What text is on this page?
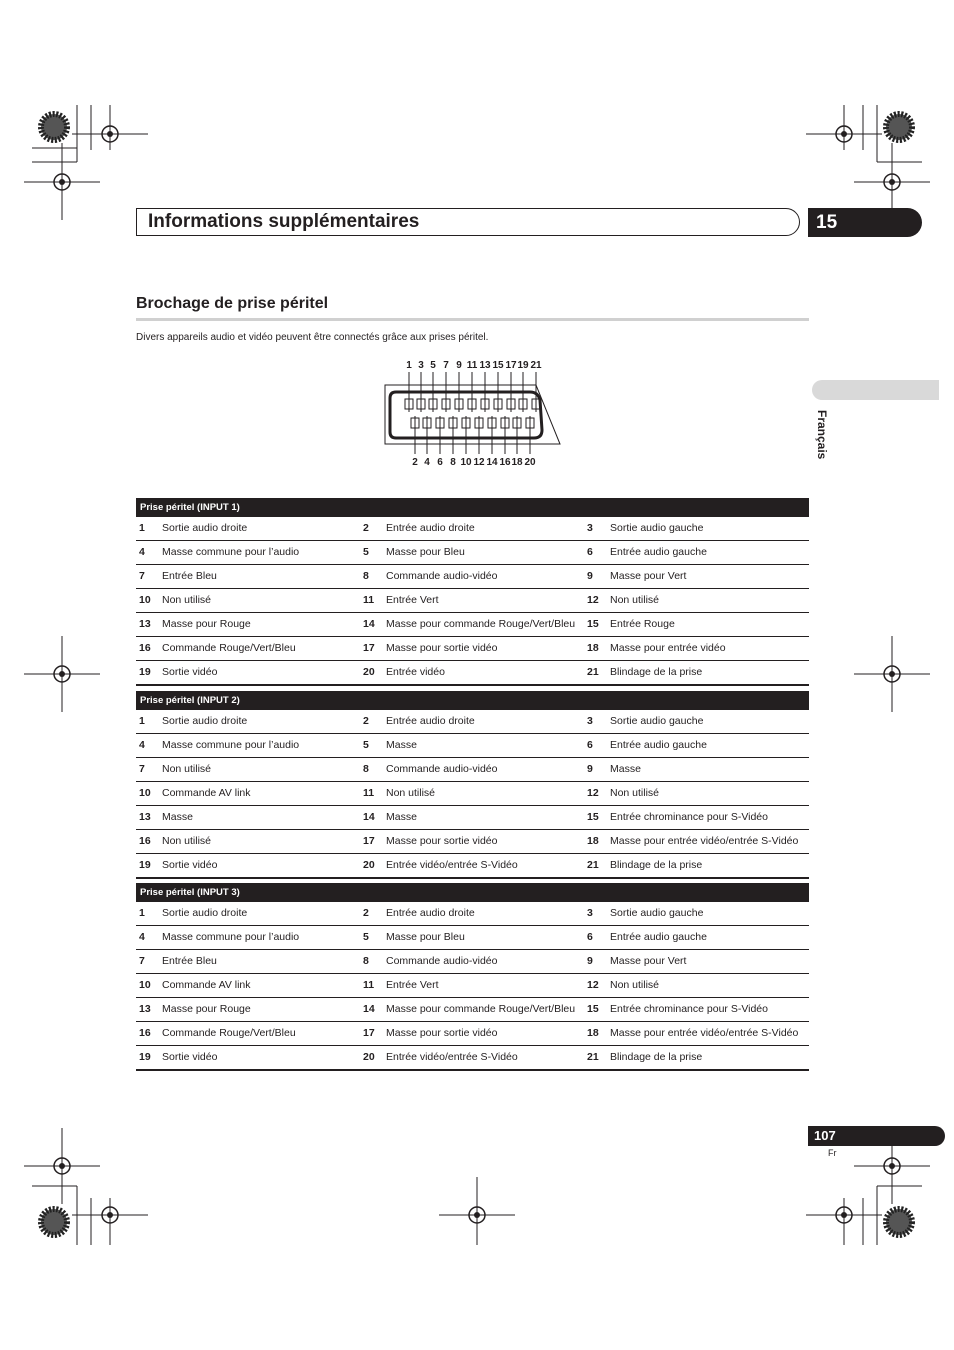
Informations supplémentaires	15
Français
Brochage de prise péritel
Divers appareils audio et vidéo peuvent être connectés grâce aux prises péritel.
1 3 5 7 9 11 13 15 17 19 21
2 4 6 8 10 12 14 16 18 20
Prise péritel (INPUT 1)
1 Sortie audio droite	2 Entrée audio droite	3 Sortie audio gauche
4 Masse commune pour l’audio	5 Masse pour Bleu	6 Entrée audio gauche
7 Entrée Bleu	8 Commande audio-vidéo	9 Masse pour Vert
10 Non utilisé	11 Entrée Vert	12 Non utilisé
13 Masse pour Rouge	14 Masse pour commande Rouge/Vert/Bleu 15 Entrée Rouge
16 Commande Rouge/Vert/Bleu	17 Masse pour sortie vidéo	18 Masse pour entrée vidéo
19 Sortie vidéo	20 Entrée vidéo	21 Blindage de la prise
Prise péritel (INPUT 2)
1 Sortie audio droite	2 Entrée audio droite	3 Sortie audio gauche
4 Masse commune pour l’audio	5 Masse	6 Entrée audio gauche
7 Non utilisé	8 Commande audio-vidéo	9 Masse
10 Commande AV link	11 Non utilisé	12 Non utilisé
13 Masse	14 Masse	15 Entrée chrominance pour S-Vidéo
16 Non utilisé	17 Masse pour sortie vidéo	18 Masse pour entrée vidéo/entrée S-Vidéo
19 Sortie vidéo	20 Entrée vidéo/entrée S-Vidéo	21 Blindage de la prise
Prise péritel (INPUT 3)
1 Sortie audio droite	2 Entrée audio droite	3 Sortie audio gauche
4 Masse commune pour l’audio	5 Masse pour Bleu	6 Entrée audio gauche
7 Entrée Bleu	8 Commande audio-vidéo	9 Masse pour Vert
10 Commande AV link	11 Entrée Vert	12 Non utilisé
13 Masse pour Rouge	14 Masse pour commande Rouge/Vert/Bleu 15 Entrée chrominance pour S-Vidéo
16 Commande Rouge/Vert/Bleu	17 Masse pour sortie vidéo	18 Masse pour entrée vidéo/entrée S-Vidéo
19 Sortie vidéo	20 Entrée vidéo/entrée S-Vidéo	21 Blindage de la prise
107
Fr
